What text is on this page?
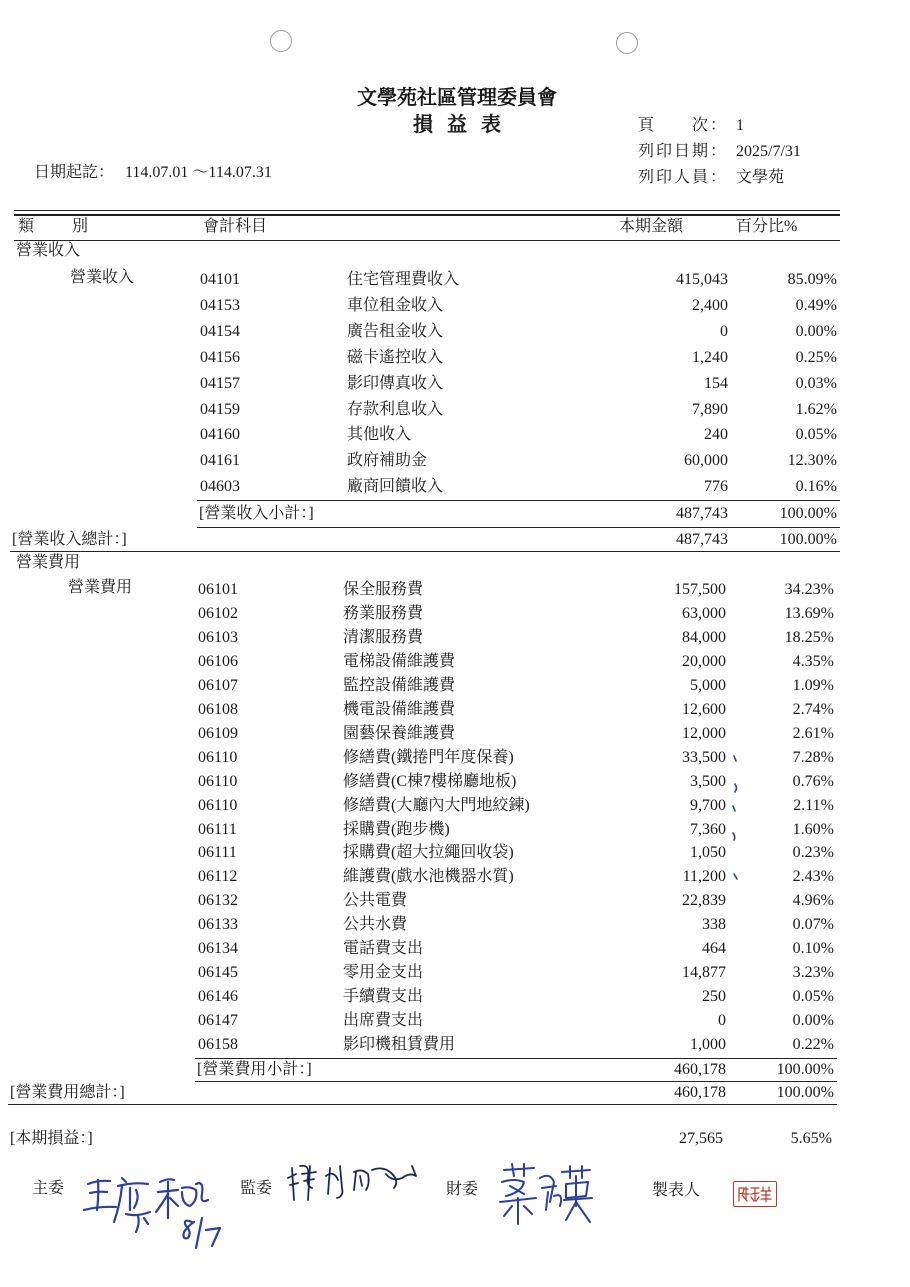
文學苑社區管理委員會
損益表	頁　　次： 1
列印日期： 2025/7/31
列印人員： 文學苑
日期起訖： 114.07.01 ～114.07.31
類　　別	會計科目	本期金額	百分比%
營業收入
營業收入	04101	住宅管理費收入	415,043	85.09%
04153	車位租金收入	2,400	0.49%
04154	廣告租金收入	0	0.00%
04156	磁卡遙控收入	1,240	0.25%
04157	影印傳真收入	154	0.03%
04159	存款利息收入	7,890	1.62%
04160	其他收入	240	0.05%
04161	政府補助金	60,000	12.30%
04603	廠商回饋收入	776	0.16%
[營業收入小計：]	487,743	100.00%
[營業收入總計：]	487,743	100.00%
營業費用
營業費用	06101	保全服務費	157,500	34.23%
06102	務業服務費	63,000	13.69%
06103	清潔服務費	84,000	18.25%
06106	電梯設備維護費	20,000	4.35%
06107	監控設備維護費	5,000	1.09%
06108	機電設備維護費	12,600	2.74%
06109	園藝保養維護費	12,000	2.61%
06110	修繕費(鐵捲門年度保養)	33,500	7.28%
06110	修繕費(C棟7樓梯廳地板)	3,500	0.76%
06110	修繕費(大廳內大門地絞鍊)	9,700	2.11%
06111	採購費(跑步機)	7,360	1.60%
06111	採購費(超大拉繩回收袋)	1,050	0.23%
06112	維護費(戲水池機器水質)	11,200	2.43%
06132	公共電費	22,839	4.96%
06133	公共水費	338	0.07%
06134	電話費支出	464	0.10%
06145	零用金支出	14,877	3.23%
06146	手續費支出	250	0.05%
06147	出席費支出	0	0.00%
06158	影印機租賃費用	1,000	0.22%
[營業費用小計：]	460,178	100.00%
[營業費用總計：]	460,178	100.00%
[本期損益：]	27,565	5.65%
主委	監委	財委	製表人
